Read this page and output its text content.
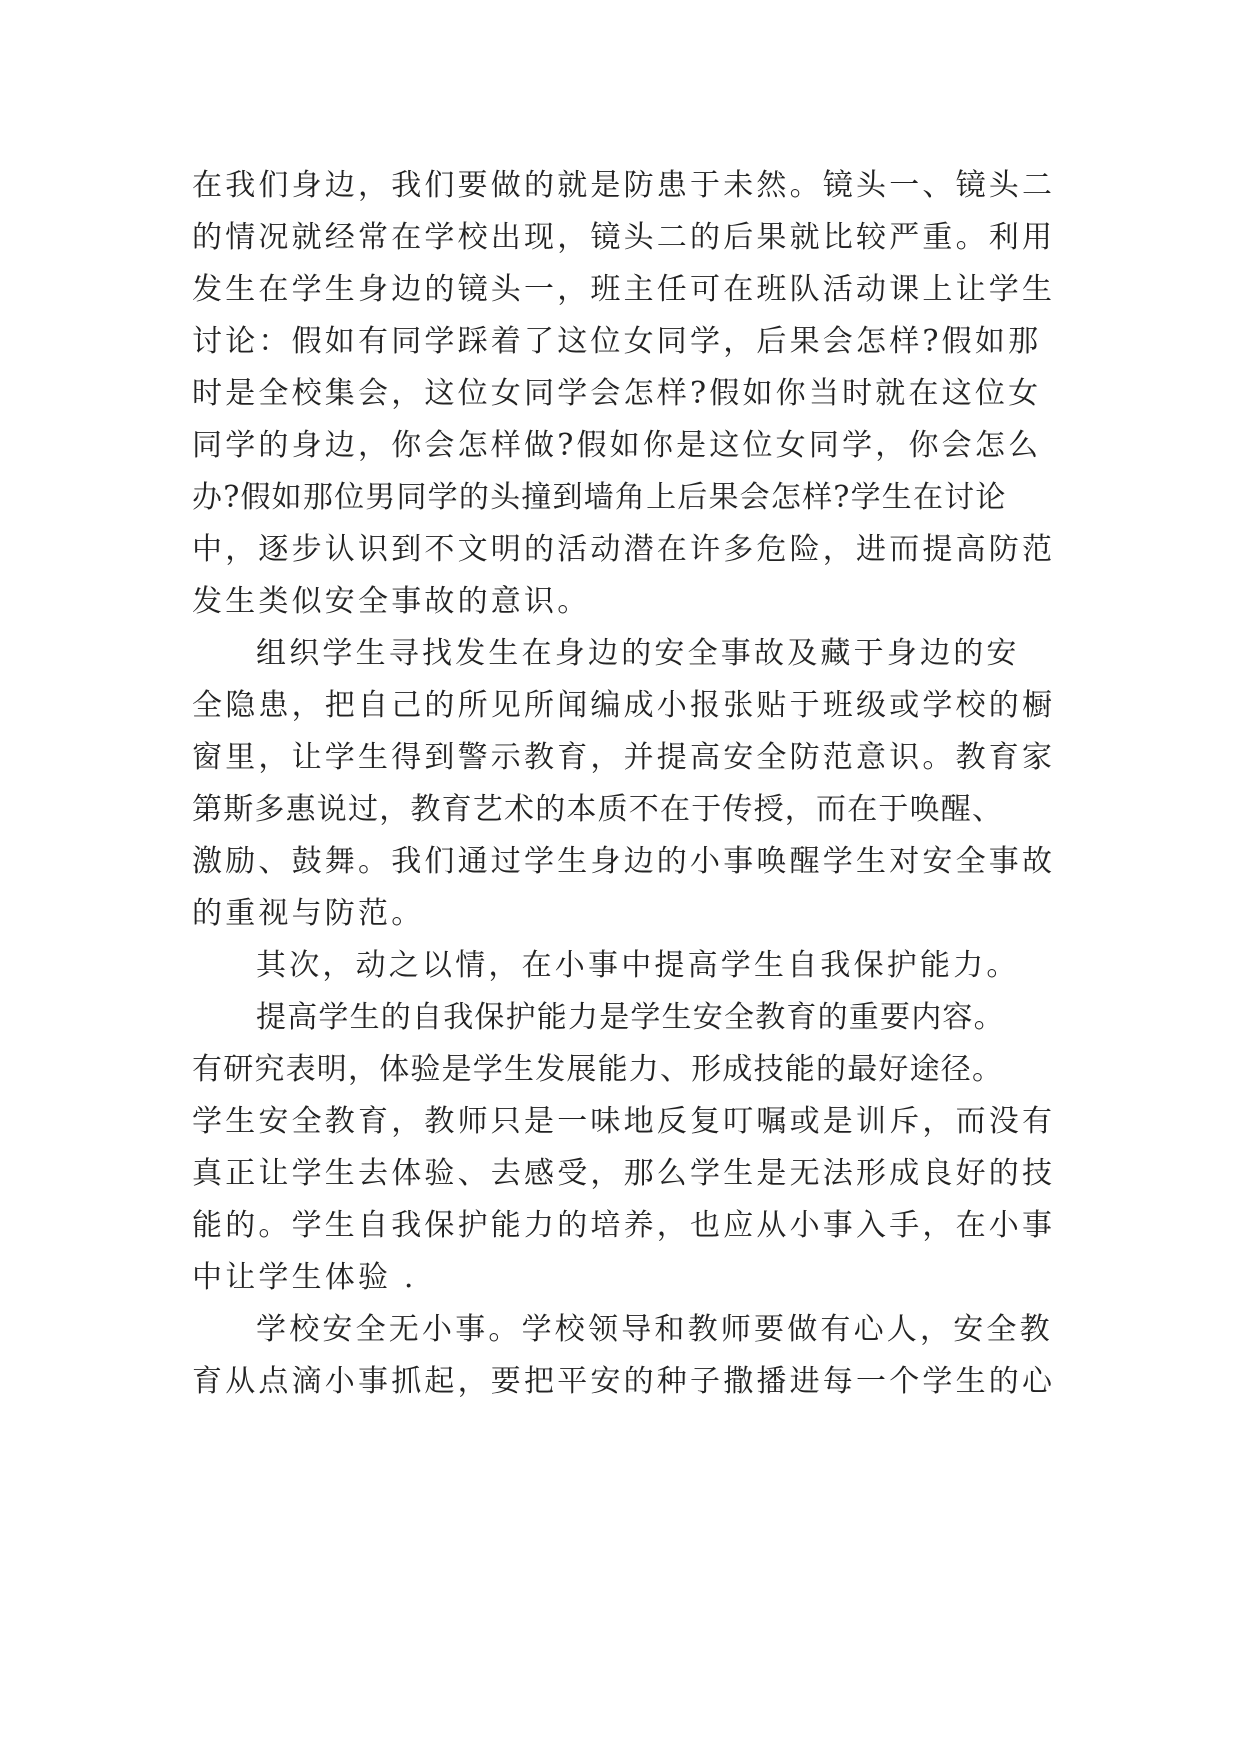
在我们身边，我们要做的就是防患于未然。镜头一、镜头二
的情况就经常在学校出现，镜头二的后果就比较严重。利用
发生在学生身边的镜头一，班主任可在班队活动课上让学生
讨论：假如有同学踩着了这位女同学，后果会怎样?假如那
时是全校集会，这位女同学会怎样?假如你当时就在这位女
同学的身边，你会怎样做?假如你是这位女同学，你会怎么
办?假如那位男同学的头撞到墙角上后果会怎样?学生在讨论
中，逐步认识到不文明的活动潜在许多危险，进而提高防范
发生类似安全事故的意识。
组织学生寻找发生在身边的安全事故及藏于身边的安
全隐患，把自己的所见所闻编成小报张贴于班级或学校的橱
窗里，让学生得到警示教育，并提高安全防范意识。教育家
第斯多惠说过，教育艺术的本质不在于传授，而在于唤醒、
激励、鼓舞。我们通过学生身边的小事唤醒学生对安全事故
的重视与防范。
其次，动之以情，在小事中提高学生自我保护能力。
提高学生的自我保护能力是学生安全教育的重要内容。
有研究表明，体验是学生发展能力、形成技能的最好途径。
学生安全教育，教师只是一味地反复叮嘱或是训斥，而没有
真正让学生去体验、去感受，那么学生是无法形成良好的技
能的。学生自我保护能力的培养，也应从小事入手，在小事
中让学生体验 .
学校安全无小事。学校领导和教师要做有心人，安全教
育从点滴小事抓起，要把平安的种子撒播进每一个学生的心
